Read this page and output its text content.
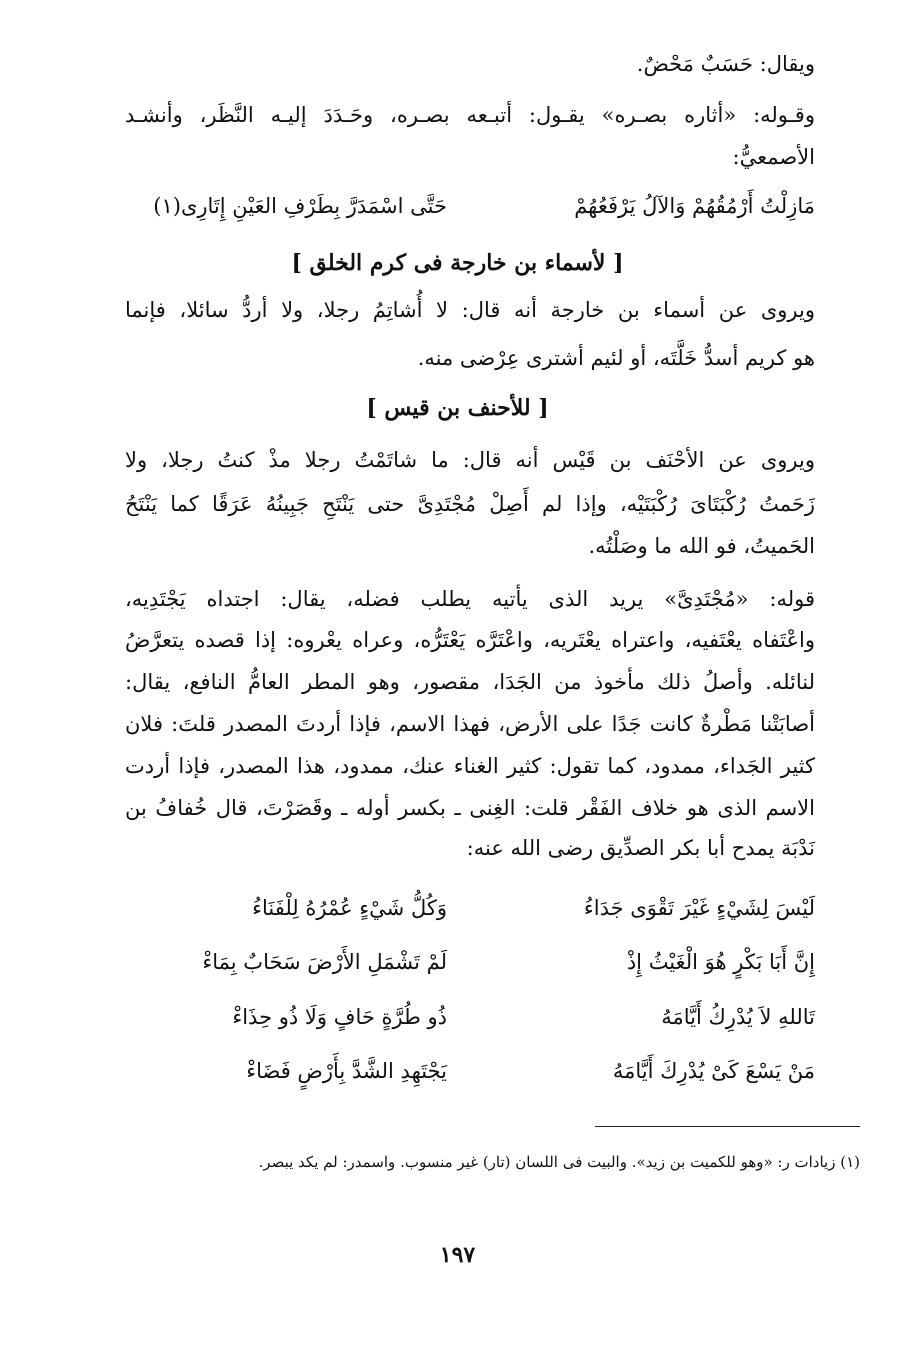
ويقال: حَسَبٌ مَحْضٌ.
وقـوله: «أثاره بصـره» يقـول: أتبـعه بصـره، وحَـدَدَ إليـه النَّظَر، وأنشـد
الأصمعيُّ:
مَازِلْتُ أَرْمُقُهُمْ وَالآلُ يَرْفَعُهُمْ
حَتَّى اسْمَدَرَّ بِطَرْفِ العَيْنِ إِتَارِى(١)
[ لأسماء بن خارجة فى كرم الخلق ]
ويروى عن أسماء بن خارجة أنه قال: لا أُشاتِمُ رجلا، ولا أردُّ سائلا، فإنما
هو كريم أسدُّ خَلَّتَه، أو لئيم أشترى عِرْضى منه.
[ للأحنف بن قيس ]
ويروى عن الأحْنَف بن قَيْس أنه قال: ما شاتَمْتُ رجلا مذْ كنتُ رجلا، ولا
زَحَمتُ رُكْبَتَاىَ رُكْبَتَيْه، وإذا لم أَصِلْ مُجْتَدِىَّ حتى يَنْتَحِ جَبِينُهُ عَرَقًا كما يَنْتَحُ
الحَميتُ، فو الله ما وصَلْتُه.
قوله: «مُجْتَدِىَّ» يريد الذى يأتيه يطلب فضله، يقال: اجتداه يَجْتَدِيه،
واعْتَفاه يعْتَفيه، واعتراه يعْتَريه، واعْتَرَّه يَعْتَرُّه، وعراه يعْروه: إذا قصده يتعرَّضُ
لنائله. وأصلُ ذلك مأخوذ من الجَدَا، مقصور، وهو المطر العامُّ النافع، يقال:
أصابَتْنا مَطْرةٌ كانت جَدًا على الأرض، فهذا الاسم، فإذا أردتَ المصدر قلتَ: فلان
كثير الجَداء، ممدود، كما تقول: كثير الغناء عنك، ممدود، هذا المصدر، فإذا أردت
الاسم الذى هو خلاف الفَقْر قلت: الغِنى ـ بكسر أوله ـ وقَصَرْتَ، قال خُفافُ بن
نَدْبَة يمدح أبا بكر الصدِّيق رضى الله عنه:
لَيْسَ لِشَيْءٍ غَيْرَ تَقْوَى جَدَاءُ
وَكُلُّ شَيْءٍ عُمْرُهُ لِلْفَنَاءُ
إِنَّ أَبَا بَكْرٍ هُوَ الْغَيْثُ إِذْ
لَمْ تَشْمَلِ الأَرْضَ سَحَابٌ بِمَاءْ
تَاللهِ لاَ يُدْرِكُ أَيَّامَهُ
ذُو طُرَّةٍ حَافٍ وَلَا ذُو حِذَاءْ
مَنْ يَسْعَ كَىْ يُدْرِكَ أَيَّامَهُ
يَجْتَهِدِ الشَّدَّ بِأَرْضٍ فَضَاءْ
(١) زيادات ر: «وهو للكميت بن زيد». والبيت فى اللسان (تار) غير منسوب. واسمدر: لم يكد يبصر.
١٩٧
